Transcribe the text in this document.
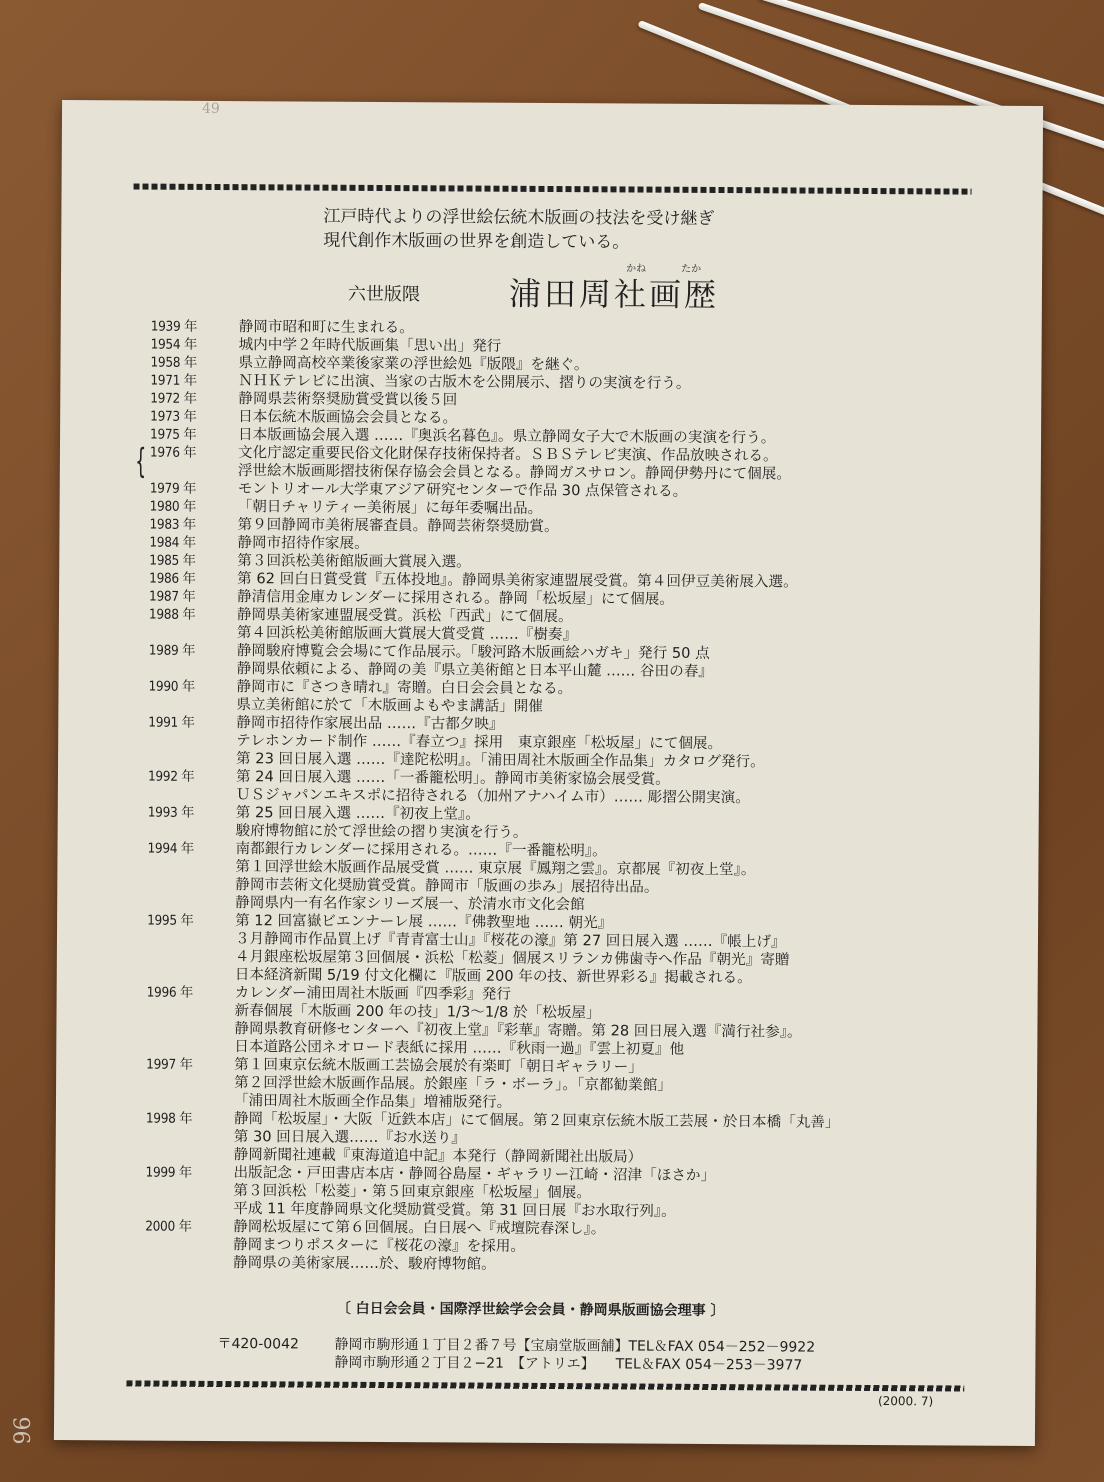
49
江戸時代よりの浮世絵伝統木版画の技法を受け継ぎ
現代創作木版画の世界を創造している。
六世版隈
かね	たか
浦田周社画歴
{
1939 年	静岡市昭和町に生まれる。
1954 年	城内中学２年時代版画集「思い出」発行
1958 年	県立静岡高校卒業後家業の浮世絵処『版隈』を継ぐ。
1971 年	ＮＨＫテレビに出演、当家の古版木を公開展示、摺りの実演を行う。
1972 年	静岡県芸術祭奨励賞受賞以後５回
1973 年	日本伝統木版画協会会員となる。
1975 年	日本版画協会展入選 ……『奥浜名暮色』。県立静岡女子大で木版画の実演を行う。
1976 年	文化庁認定重要民俗文化財保存技術保持者。ＳＢＳテレビ実演、作品放映される。
浮世絵木版画彫摺技術保存協会会員となる。静岡ガスサロン。静岡伊勢丹にて個展。
1979 年	モントリオール大学東アジア研究センターで作品 30 点保管される。
1980 年	「朝日チャリティー美術展」に毎年委嘱出品。
1983 年	第９回静岡市美術展審査員。静岡芸術祭奨励賞。
1984 年	静岡市招待作家展。
1985 年	第３回浜松美術館版画大賞展入選。
1986 年	第 62 回白日賞受賞『五体投地』。静岡県美術家連盟展受賞。第４回伊豆美術展入選。
1987 年	静清信用金庫カレンダーに採用される。静岡「松坂屋」にて個展。
1988 年	静岡県美術家連盟展受賞。浜松「西武」にて個展。
第４回浜松美術館版画大賞展大賞受賞 ……『樹奏』
1989 年	静岡駿府博覧会会場にて作品展示。「駿河路木版画絵ハガキ」発行 50 点
静岡県依頼による、静岡の美『県立美術館と日本平山麓 …… 谷田の春』
1990 年	静岡市に『さつき晴れ』寄贈。白日会会員となる。
県立美術館に於て「木版画よもやま講話」開催
1991 年	静岡市招待作家展出品 ……『古都夕映』
テレホンカード制作 ……『春立つ』採用　東京銀座「松坂屋」にて個展。
第 23 回日展入選 ……『達陀松明』。「浦田周社木版画全作品集」カタログ発行。
1992 年	第 24 回日展入選 ……「一番籠松明」。静岡市美術家協会展受賞。
ＵＳジャパンエキスポに招待される（加州アナハイム市）…… 彫摺公開実演。
1993 年	第 25 回日展入選 ……『初夜上堂』。
駿府博物館に於て浮世絵の摺り実演を行う。
1994 年	南都銀行カレンダーに採用される。……『一番籠松明』。
第１回浮世絵木版画作品展受賞 …… 東京展『鳳翔之雲』。京都展『初夜上堂』。
静岡市芸術文化奨励賞受賞。静岡市「版画の歩み」展招待出品。
静岡県内一有名作家シリーズ展一、於清水市文化会館
1995 年	第 12 回富嶽ビエンナーレ展 ……『佛教聖地 …… 朝光』
３月静岡市作品買上げ『青青富士山』『桜花の濠』第 27 回日展入選 ……『帳上げ』
４月銀座松坂屋第３回個展・浜松「松菱」個展スリランカ佛歯寺へ作品『朝光』寄贈
日本経済新聞 5/19 付文化欄に『版画 200 年の技、新世界彩る』掲載される。
1996 年	カレンダー浦田周社木版画『四季彩』発行
新春個展「木版画 200 年の技」1/3〜1/8 於「松坂屋」
静岡県教育研修センターへ『初夜上堂』『彩華』寄贈。第 28 回日展入選『満行社参』。
日本道路公団ネオロード表紙に採用 ……『秋雨一過』『雲上初夏』他
1997 年	第１回東京伝統木版画工芸協会展於有楽町「朝日ギャラリー」
第２回浮世絵木版画作品展。於銀座「ラ・ボーラ」。「京都勧業館」
「浦田周社木版画全作品集」増補版発行。
1998 年	静岡「松坂屋」・大阪「近鉄本店」にて個展。第２回東京伝統木版工芸展・於日本橋「丸善」
第 30 回日展入選……『お水送り』
静岡新聞社連載『東海道追中記』本発行（静岡新聞社出版局）
1999 年	出版記念・戸田書店本店・静岡谷島屋・ギャラリー江崎・沼津「ほさか」
第３回浜松「松菱」・第５回東京銀座「松坂屋」個展。
平成 11 年度静岡県文化奨励賞受賞。第 31 回日展『お水取行列』。
2000 年	静岡松坂屋にて第６回個展。白日展へ『戒壇院春深し』。
静岡まつりポスターに『桜花の濠』を採用。
静岡県の美術家展……於、駿府博物館。
〔 白日会会員・国際浮世絵学会会員・静岡県版画協会理事 〕
〒420-0042	静岡市駒形通１丁目２番７号【宝扇堂版画舗】TEL＆FAX 054－252－9922
静岡市駒形通２丁目２−21　【アトリエ】　　TEL＆FAX 054－253－3977
(2000. 7)
96
